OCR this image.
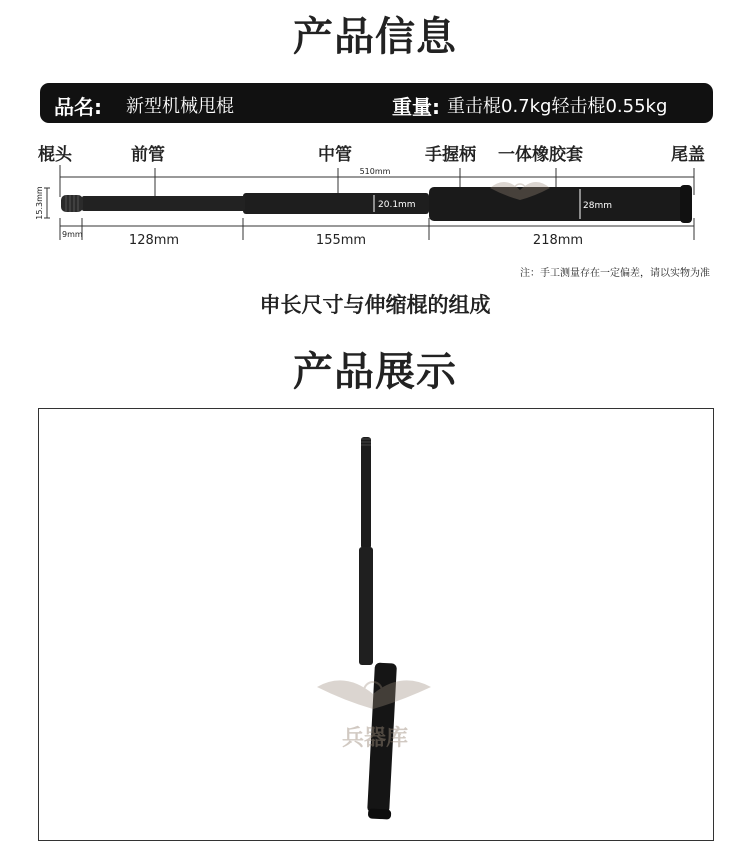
产品信息
品名: 新型机械甩棍	重量: 重击棍0.7kg轻击棍0.55kg
棍头	前管	中管	手握柄 一体橡胶套	尾盖
510mm
20.1mm	28mm
15.3mm
9mm	128mm	155mm	218mm
注：手工测量存在一定偏差，请以实物为准
申长尺寸与伸缩棍的组成
产品展示
兵器库
